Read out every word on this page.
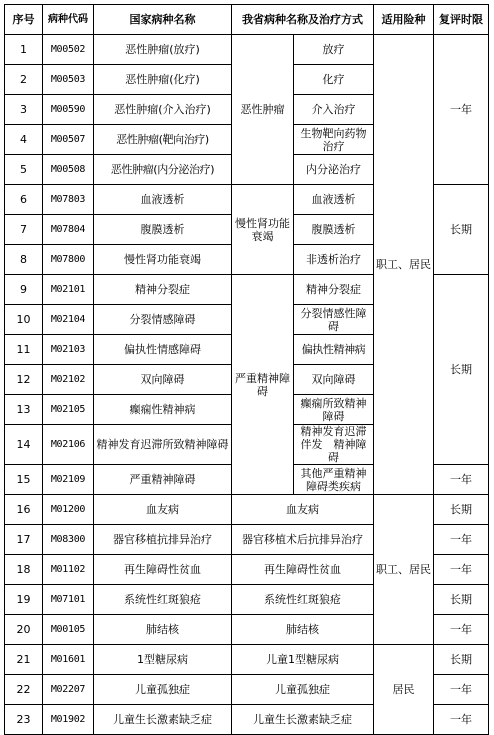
序号	病种代码	国家病种名称	我省病种名称及治疗方式		适用险种	复评时限
1	M00502	恶性肿瘤(放疗)	恶性肿瘤	放疗	职工、居民	一年
2	M00503	恶性肿瘤(化疗)		化疗		
3	M00590	恶性肿瘤(介入治疗)		介入治疗		
4	M00507	恶性肿瘤(靶向治疗)		生物靶向药物治疗		
5	M00508	恶性肿瘤(内分泌治疗)		内分泌治疗		
6	M07803	血液透析	慢性肾功能衰竭	血液透析		长期
7	M07804	腹膜透析		腹膜透析		
8	M07800	慢性肾功能衰竭		非透析治疗		
9	M02101	精神分裂症	严重精神障碍	精神分裂症		长期
10	M02104	分裂情感障碍		分裂情感性障碍		
11	M02103	偏执性情感障碍		偏执性精神病		
12	M02102	双向障碍		双向障碍		
13	M02105	癫痫性精神病		癫痫所致精神障碍		
14	M02106	精神发育迟滞所致精神障碍		精神发育迟滞伴发　精神障碍		
15	M02109	严重精神障碍		其他严重精神障碍类疾病		一年
16	M01200	血友病	血友病		职工、居民	长期
17	M08300	器官移植抗排异治疗	器官移植术后抗排异治疗			一年
18	M01102	再生障碍性贫血	再生障碍性贫血			一年
19	M07101	系统性红斑狼疮	系统性红斑狼疮			长期
20	M00105	肺结核	肺结核			一年
21	M01601	1型糖尿病	儿童1型糖尿病		居民	长期
22	M02207	儿童孤独症	儿童孤独症			一年
23	M01902	儿童生长激素缺乏症	儿童生长激素缺乏症			一年
